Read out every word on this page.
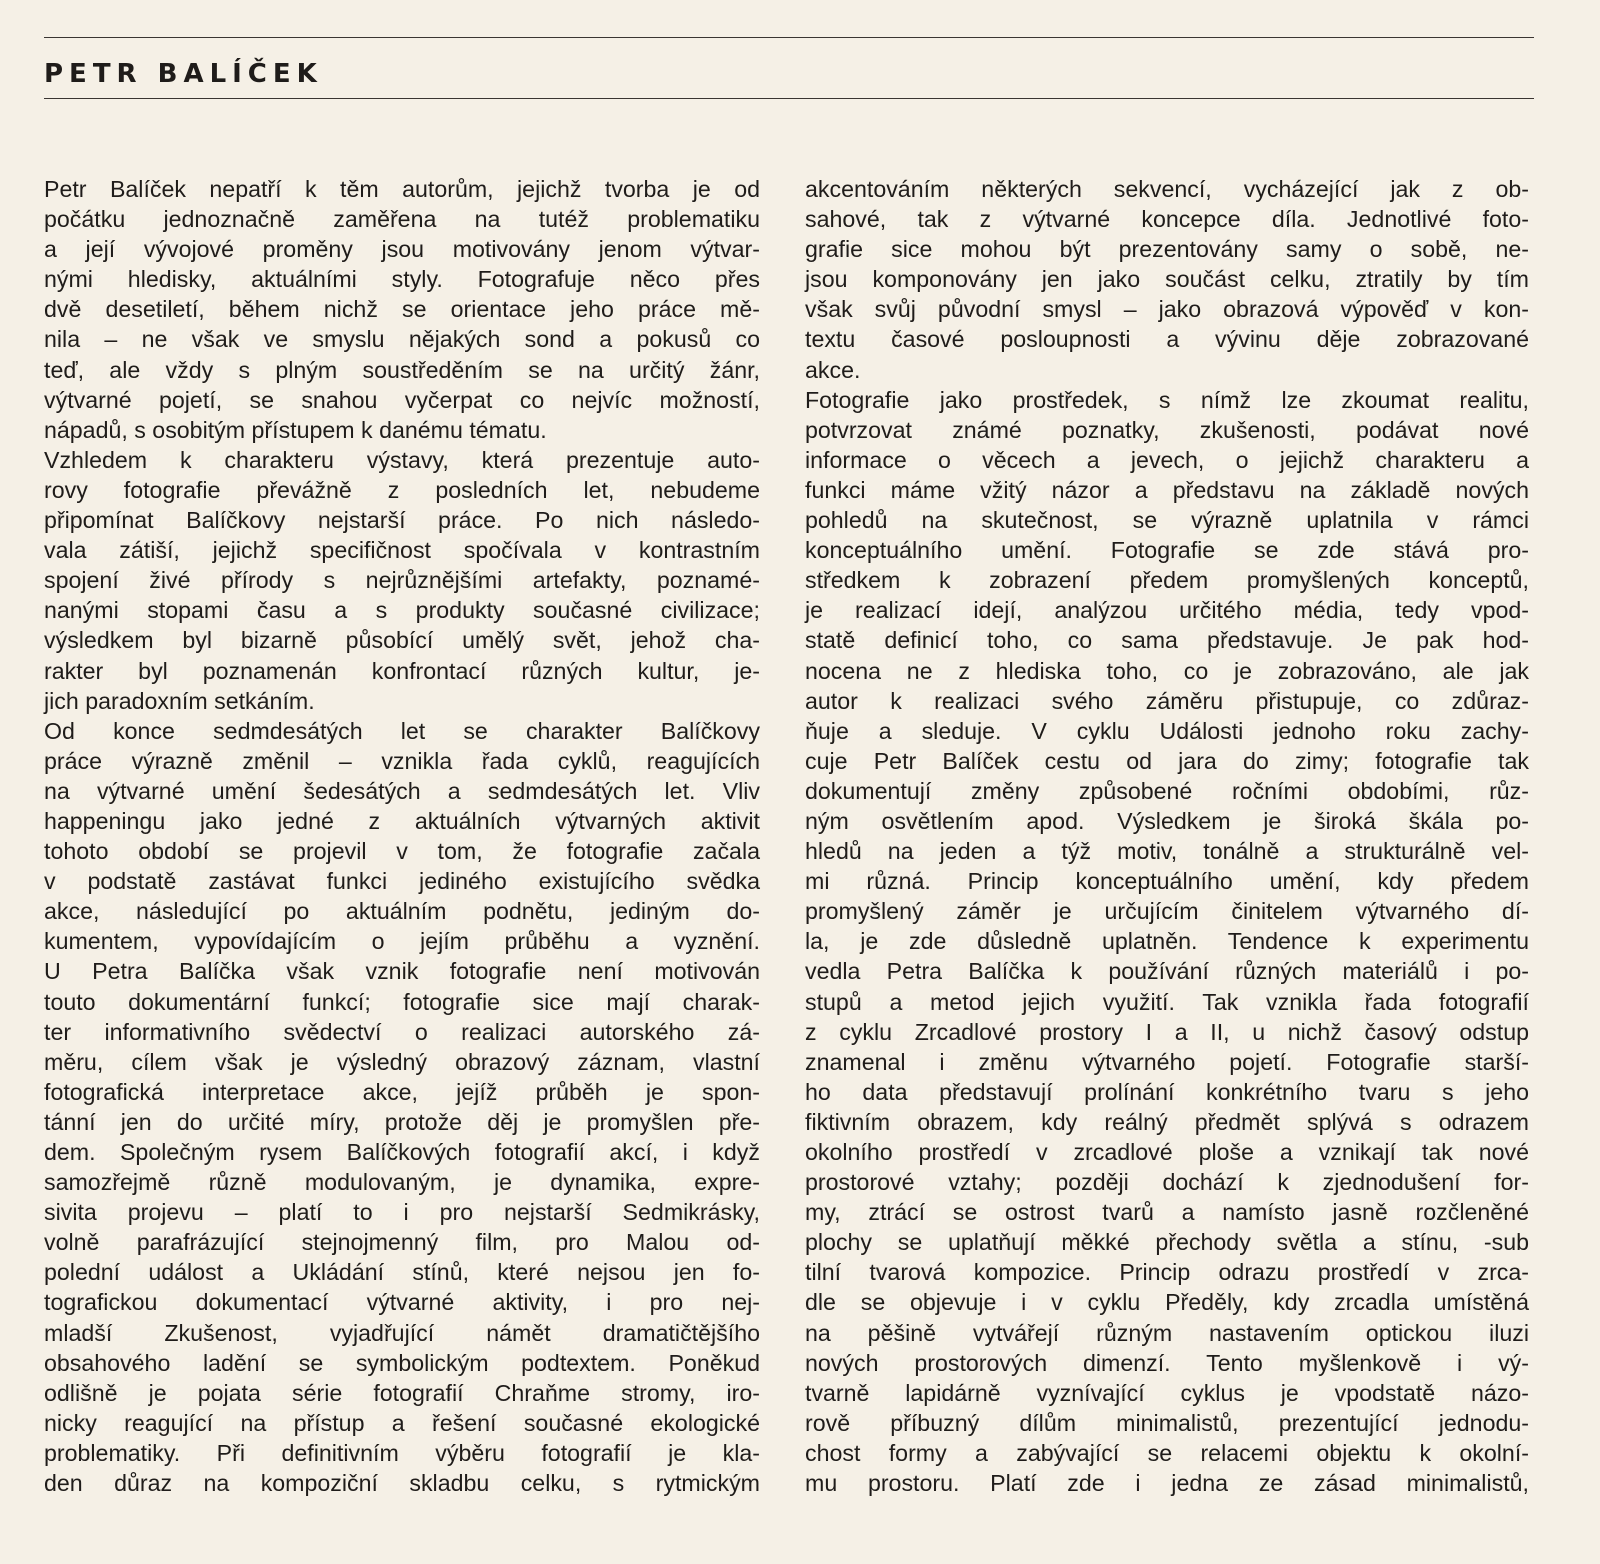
PETR BALÍČEK
Petr Balíček nepatří k těm autorům, jejichž tvorba je od
počátku jednoznačně zaměřena na tutéž problematiku
a její vývojové proměny jsou motivovány jenom výtvar-
nými hledisky, aktuálními styly. Fotografuje něco přes
dvě desetiletí, během nichž se orientace jeho práce mě-
nila – ne však ve smyslu nějakých sond a pokusů co
teď, ale vždy s plným soustředěním se na určitý žánr,
výtvarné pojetí, se snahou vyčerpat co nejvíc možností,
nápadů, s osobitým přístupem k danému tématu.
Vzhledem k charakteru výstavy, která prezentuje auto-
rovy fotografie převážně z posledních let, nebudeme
připomínat Balíčkovy nejstarší práce. Po nich následo-
vala zátiší, jejichž specifičnost spočívala v kontrastním
spojení živé přírody s nejrůznějšími artefakty, poznamé-
nanými stopami času a s produkty současné civilizace;
výsledkem byl bizarně působící umělý svět, jehož cha-
rakter byl poznamenán konfrontací různých kultur, je-
jich paradoxním setkáním.
Od konce sedmdesátých let se charakter Balíčkovy
práce výrazně změnil – vznikla řada cyklů, reagujících
na výtvarné umění šedesátých a sedmdesátých let. Vliv
happeningu jako jedné z aktuálních výtvarných aktivit
tohoto období se projevil v tom, že fotografie začala
v podstatě zastávat funkci jediného existujícího svědka
akce, následující po aktuálním podnětu, jediným do-
kumentem, vypovídajícím o jejím průběhu a vyznění.
U Petra Balíčka však vznik fotografie není motivován
touto dokumentární funkcí; fotografie sice mají charak-
ter informativního svědectví o realizaci autorského zá-
měru, cílem však je výsledný obrazový záznam, vlastní
fotografická interpretace akce, jejíž průběh je spon-
tánní jen do určité míry, protože děj je promyšlen pře-
dem. Společným rysem Balíčkových fotografií akcí, i když
samozřejmě různě modulovaným, je dynamika, expre-
sivita projevu – platí to i pro nejstarší Sedmikrásky,
volně parafrázující stejnojmenný film, pro Malou od-
polední událost a Ukládání stínů, které nejsou jen fo-
tografickou dokumentací výtvarné aktivity, i pro nej-
mladší Zkušenost, vyjadřující námět dramatičtějšího
obsahového ladění se symbolickým podtextem. Poněkud
odlišně je pojata série fotografií Chraňme stromy, iro-
nicky reagující na přístup a řešení současné ekologické
problematiky. Při definitivním výběru fotografií je kla-
den důraz na kompoziční skladbu celku, s rytmickým
akcentováním některých sekvencí, vycházející jak z ob-
sahové, tak z výtvarné koncepce díla. Jednotlivé foto-
grafie sice mohou být prezentovány samy o sobě, ne-
jsou komponovány jen jako součást celku, ztratily by tím
však svůj původní smysl – jako obrazová výpověď v kon-
textu časové posloupnosti a vývinu děje zobrazované
akce.
Fotografie jako prostředek, s nímž lze zkoumat realitu,
potvrzovat známé poznatky, zkušenosti, podávat nové
informace o věcech a jevech, o jejichž charakteru a
funkci máme vžitý názor a představu na základě nových
pohledů na skutečnost, se výrazně uplatnila v rámci
konceptuálního umění. Fotografie se zde stává pro-
středkem k zobrazení předem promyšlených konceptů,
je realizací idejí, analýzou určitého média, tedy vpod-
statě definicí toho, co sama představuje. Je pak hod-
nocena ne z hlediska toho, co je zobrazováno, ale jak
autor k realizaci svého záměru přistupuje, co zdůraz-
ňuje a sleduje. V cyklu Události jednoho roku zachy-
cuje Petr Balíček cestu od jara do zimy; fotografie tak
dokumentují změny způsobené ročními obdobími, růz-
ným osvětlením apod. Výsledkem je široká škála po-
hledů na jeden a týž motiv, tonálně a strukturálně vel-
mi různá. Princip konceptuálního umění, kdy předem
promyšlený záměr je určujícím činitelem výtvarného dí-
la, je zde důsledně uplatněn. Tendence k experimentu
vedla Petra Balíčka k používání různých materiálů i po-
stupů a metod jejich využití. Tak vznikla řada fotografií
z cyklu Zrcadlové prostory I a II, u nichž časový odstup
znamenal i změnu výtvarného pojetí. Fotografie starší-
ho data představují prolínání konkrétního tvaru s jeho
fiktivním obrazem, kdy reálný předmět splývá s odrazem
okolního prostředí v zrcadlové ploše a vznikají tak nové
prostorové vztahy; později dochází k zjednodušení for-
my, ztrácí se ostrost tvarů a namísto jasně rozčleněné
plochy se uplatňují měkké přechody světla a stínu, -sub
tilní tvarová kompozice. Princip odrazu prostředí v zrca-
dle se objevuje i v cyklu Předěly, kdy zrcadla umístěná
na pěšině vytvářejí různým nastavením optickou iluzi
nových prostorových dimenzí. Tento myšlenkově i vý-
tvarně lapidárně vyznívající cyklus je vpodstatě názo-
rově příbuzný dílům minimalistů, prezentující jednodu-
chost formy a zabývající se relacemi objektu k okolní-
mu prostoru. Platí zde i jedna ze zásad minimalistů,
